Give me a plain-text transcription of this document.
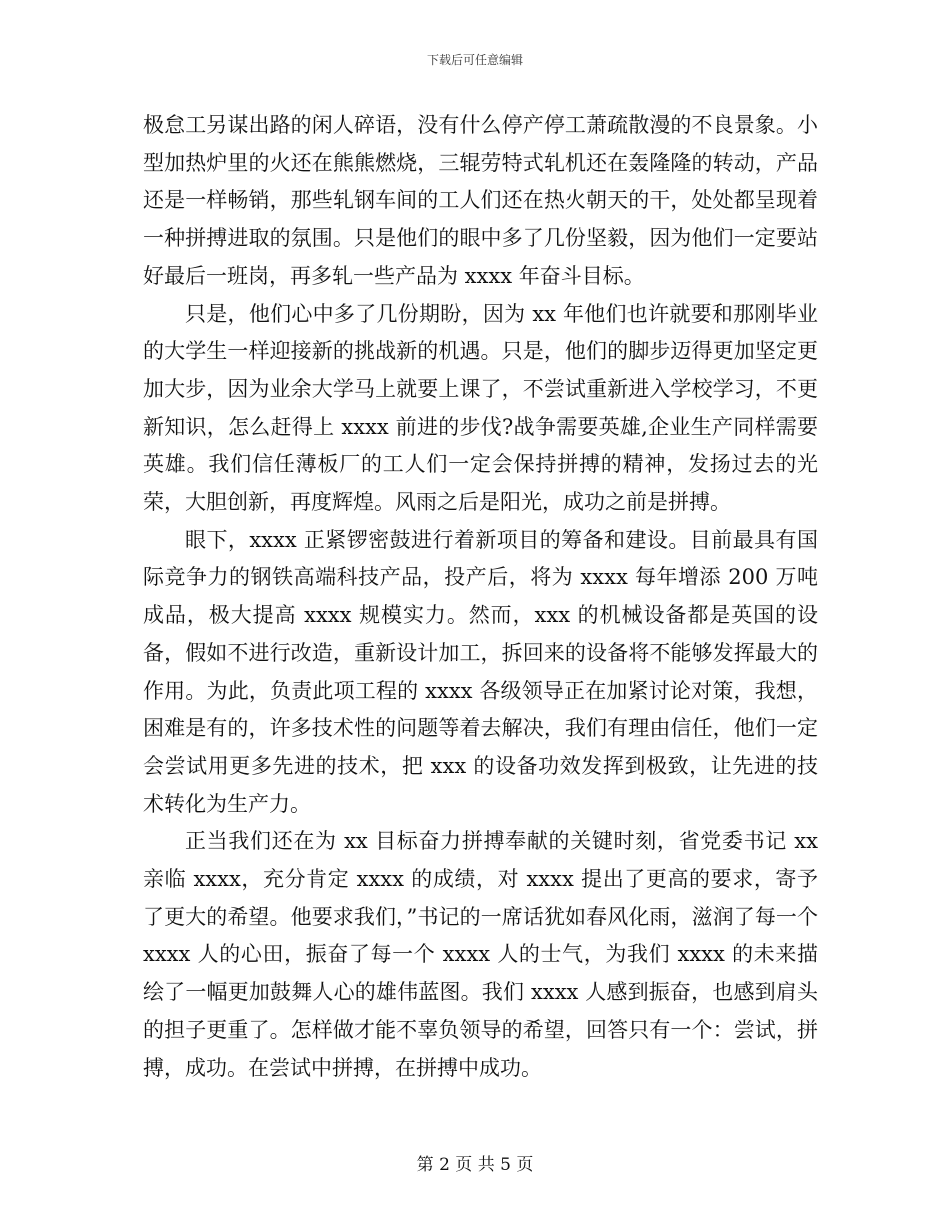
下载后可任意编辑

极怠工另谋出路的闲人碎语，没有什么停产停工萧疏散漫的不良景象。小型加热炉里的火还在熊熊燃烧，三辊劳特式轧机还在轰隆隆的转动，产品还是一样畅销，那些轧钢车间的工人们还在热火朝天的干，处处都呈现着一种拼搏进取的氛围。只是他们的眼中多了几份坚毅，因为他们一定要站好最后一班岗，再多轧一些产品为 xxxx 年奋斗目标。

只是，他们心中多了几份期盼，因为 xx 年他们也许就要和那刚毕业的大学生一样迎接新的挑战新的机遇。只是，他们的脚步迈得更加坚定更加大步，因为业余大学马上就要上课了，不尝试重新进入学校学习，不更新知识，怎么赶得上 xxxx 前进的步伐?战争需要英雄,企业生产同样需要英雄。我们信任薄板厂的工人们一定会保持拼搏的精神，发扬过去的光荣，大胆创新，再度辉煌。风雨之后是阳光，成功之前是拼搏。

眼下，xxxx 正紧锣密鼓进行着新项目的筹备和建设。目前最具有国际竞争力的钢铁高端科技产品，投产后，将为 xxxx 每年增添 200 万吨成品，极大提高 xxxx 规模实力。然而，xxx 的机械设备都是英国的设备，假如不进行改造，重新设计加工，拆回来的设备将不能够发挥最大的作用。为此，负责此项工程的 xxxx 各级领导正在加紧讨论对策，我想，困难是有的，许多技术性的问题等着去解决，我们有理由信任，他们一定会尝试用更多先进的技术，把 xxx 的设备功效发挥到极致，让先进的技术转化为生产力。

正当我们还在为 xx 目标奋力拼搏奉献的关键时刻，省党委书记 xx 亲临 xxxx，充分肯定 xxxx 的成绩，对 xxxx 提出了更高的要求，寄予了更大的希望。他要求我们，”书记的一席话犹如春风化雨，滋润了每一个 xxxx 人的心田，振奋了每一个 xxxx 人的士气，为我们 xxxx 的未来描绘了一幅更加鼓舞人心的雄伟蓝图。我们 xxxx 人感到振奋，也感到肩头的担子更重了。怎样做才能不辜负领导的希望，回答只有一个：尝试，拼搏，成功。在尝试中拼搏，在拼搏中成功。

第 2 页 共 5 页
